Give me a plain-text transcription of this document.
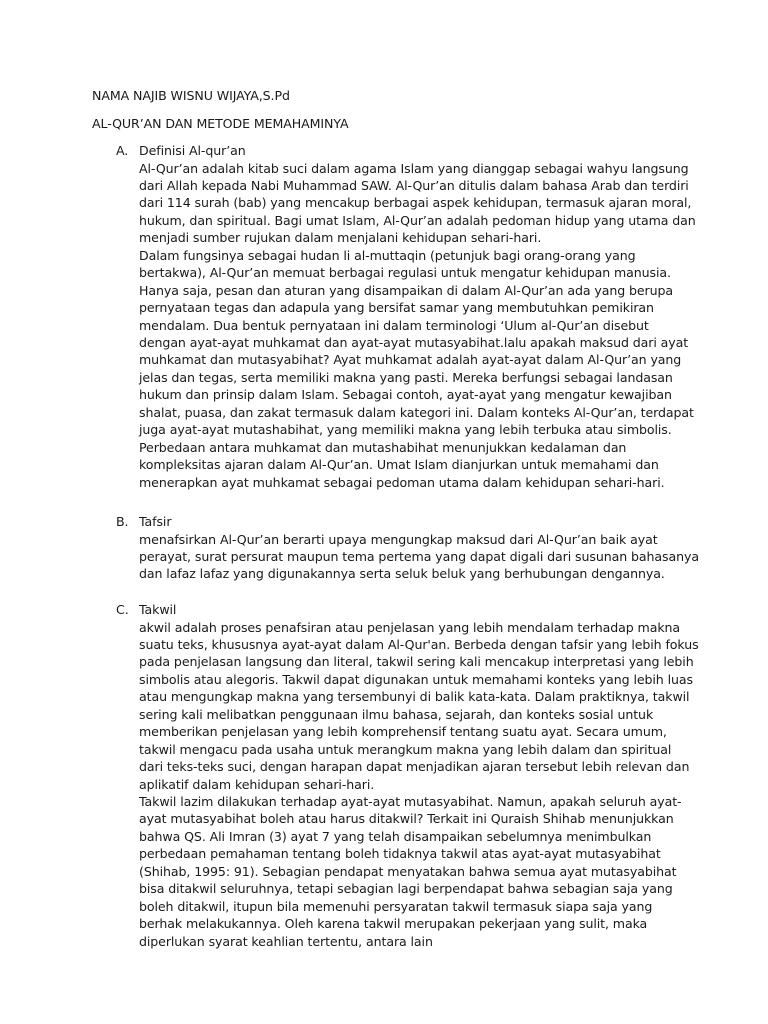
NAMA NAJIB WISNU WIJAYA,S.Pd
AL-QUR’AN DAN METODE MEMAHAMINYA
A. Definisi Al-qur’an

Al-Qur’an adalah kitab suci dalam agama Islam yang dianggap sebagai wahyu langsung dari Allah kepada Nabi Muhammad SAW. Al-Qur’an ditulis dalam bahasa Arab dan terdiri dari 114 surah (bab) yang mencakup berbagai aspek kehidupan, termasuk ajaran moral, hukum, dan spiritual. Bagi umat Islam, Al-Qur’an adalah pedoman hidup yang utama dan menjadi sumber rujukan dalam menjalani kehidupan sehari-hari.

Dalam fungsinya sebagai hudan li al-muttaqin (petunjuk bagi orang-orang yang bertakwa), Al-Qur’an memuat berbagai regulasi untuk mengatur kehidupan manusia. Hanya saja, pesan dan aturan yang disampaikan di dalam Al-Qur’an ada yang berupa pernyataan tegas dan adapula yang bersifat samar yang membutuhkan pemikiran mendalam. Dua bentuk pernyataan ini dalam terminologi ‘Ulum al-Qur’an disebut dengan ayat-ayat muhkamat dan ayat-ayat mutasyabihat.lalu apakah maksud dari ayat muhkamat dan mutasyabihat? Ayat muhkamat adalah ayat-ayat dalam Al-Qur’an yang jelas dan tegas, serta memiliki makna yang pasti. Mereka berfungsi sebagai landasan hukum dan prinsip dalam Islam. Sebagai contoh, ayat-ayat yang mengatur kewajiban shalat, puasa, dan zakat termasuk dalam kategori ini. Dalam konteks Al-Qur’an, terdapat juga ayat-ayat mutashabihat, yang memiliki makna yang lebih terbuka atau simbolis. Perbedaan antara muhkamat dan mutashabihat menunjukkan kedalaman dan kompleksitas ajaran dalam Al-Qur’an. Umat Islam dianjurkan untuk memahami dan menerapkan ayat muhkamat sebagai pedoman utama dalam kehidupan sehari-hari.

B. Tafsir

menafsirkan Al-Qur’an berarti upaya mengungkap maksud dari Al-Qur’an baik ayat perayat, surat persurat maupun tema pertema yang dapat digali dari susunan bahasanya dan lafaz lafaz yang digunakannya serta seluk beluk yang berhubungan dengannya.

C. Takwil

akwil adalah proses penafsiran atau penjelasan yang lebih mendalam terhadap makna suatu teks, khususnya ayat-ayat dalam Al-Qur'an. Berbeda dengan tafsir yang lebih fokus pada penjelasan langsung dan literal, takwil sering kali mencakup interpretasi yang lebih simbolis atau alegoris. Takwil dapat digunakan untuk memahami konteks yang lebih luas atau mengungkap makna yang tersembunyi di balik kata-kata. Dalam praktiknya, takwil sering kali melibatkan penggunaan ilmu bahasa, sejarah, dan konteks sosial untuk memberikan penjelasan yang lebih komprehensif tentang suatu ayat. Secara umum, takwil mengacu pada usaha untuk merangkum makna yang lebih dalam dan spiritual dari teks-teks suci, dengan harapan dapat menjadikan ajaran tersebut lebih relevan dan aplikatif dalam kehidupan sehari-hari.

Takwil lazim dilakukan terhadap ayat-ayat mutasyabihat. Namun, apakah seluruh ayat-ayat mutasyabihat boleh atau harus ditakwil? Terkait ini Quraish Shihab menunjukkan bahwa QS. Ali Imran (3) ayat 7 yang telah disampaikan sebelumnya menimbulkan perbedaan pemahaman tentang boleh tidaknya takwil atas ayat-ayat mutasyabihat (Shihab, 1995: 91). Sebagian pendapat menyatakan bahwa semua ayat mutasyabihat bisa ditakwil seluruhnya, tetapi sebagian lagi berpendapat bahwa sebagian saja yang boleh ditakwil, itupun bila memenuhi persyaratan takwil termasuk siapa saja yang berhak melakukannya. Oleh karena takwil merupakan pekerjaan yang sulit, maka diperlukan syarat keahlian tertentu, antara lain
